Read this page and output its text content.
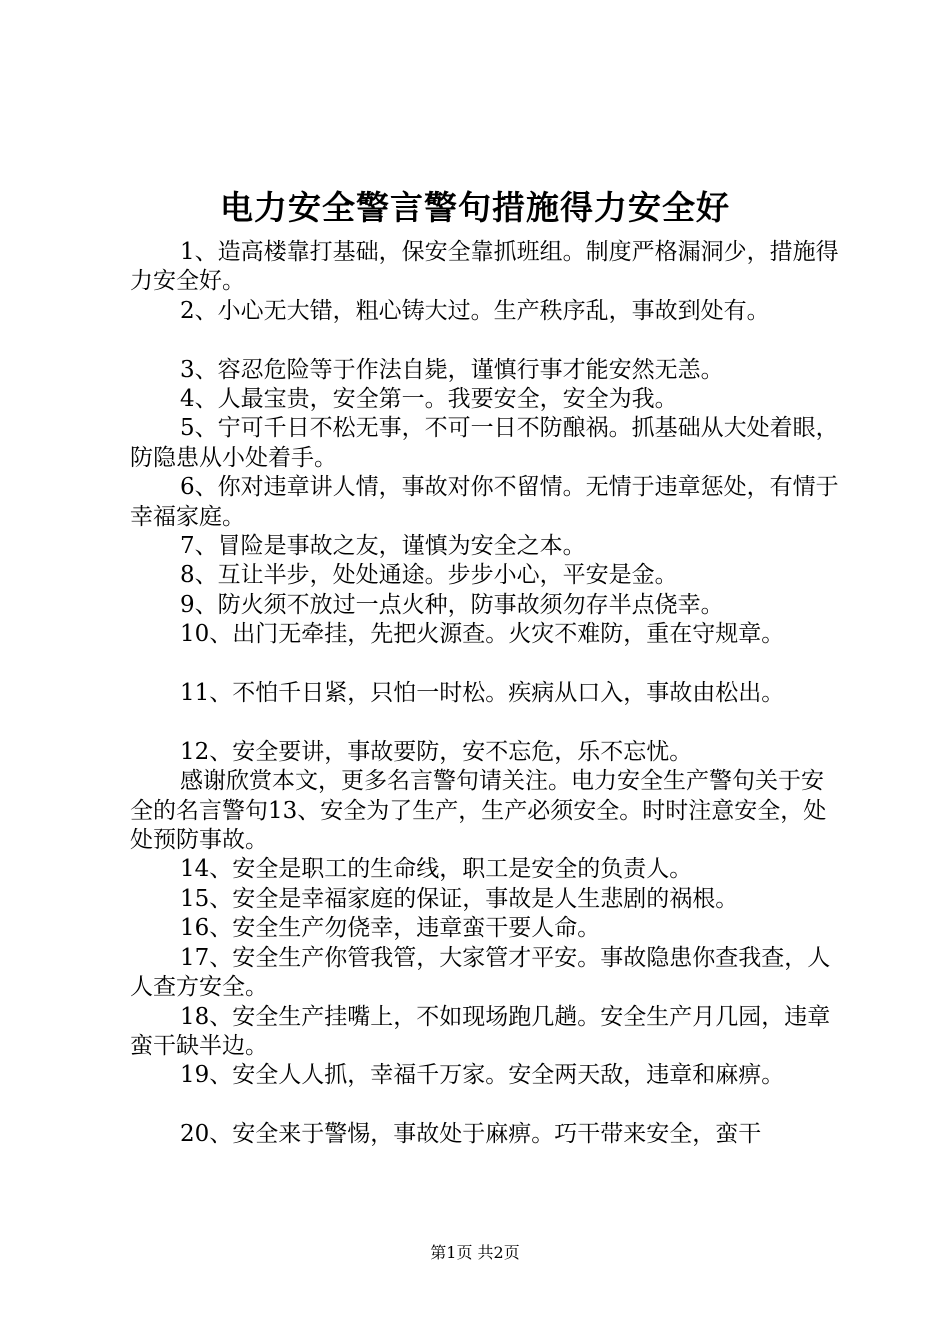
电力安全警言警句措施得力安全好

1、造高楼靠打基础，保安全靠抓班组。制度严格漏洞少，措施得力安全好。

2、小心无大错，粗心铸大过。生产秩序乱，事故到处有。

3、容忍危险等于作法自毙，谨慎行事才能安然无恙。

4、人最宝贵，安全第一。我要安全，安全为我。

5、宁可千日不松无事，不可一日不防酿祸。抓基础从大处着眼，防隐患从小处着手。

6、你对违章讲人情，事故对你不留情。无情于违章惩处，有情于幸福家庭。

7、冒险是事故之友，谨慎为安全之本。

8、互让半步，处处通途。步步小心，平安是金。

9、防火须不放过一点火种，防事故须勿存半点侥幸。

10、出门无牵挂，先把火源查。火灾不难防，重在守规章。

11、不怕千日紧，只怕一时松。疾病从口入，事故由松出。

12、安全要讲，事故要防，安不忘危，乐不忘忧。

感谢欣赏本文，更多名言警句请关注。电力安全生产警句关于安全的名言警句13、安全为了生产，生产必须安全。时时注意安全，处处预防事故。

14、安全是职工的生命线，职工是安全的负责人。

15、安全是幸福家庭的保证，事故是人生悲剧的祸根。

16、安全生产勿侥幸，违章蛮干要人命。

17、安全生产你管我管，大家管才平安。事故隐患你查我查，人人查方安全。

18、安全生产挂嘴上，不如现场跑几趟。安全生产月几园，违章蛮干缺半边。

19、安全人人抓，幸福千万家。安全两天敌，违章和麻痹。

20、安全来于警惕，事故处于麻痹。巧干带来安全，蛮干

第1页 共2页
